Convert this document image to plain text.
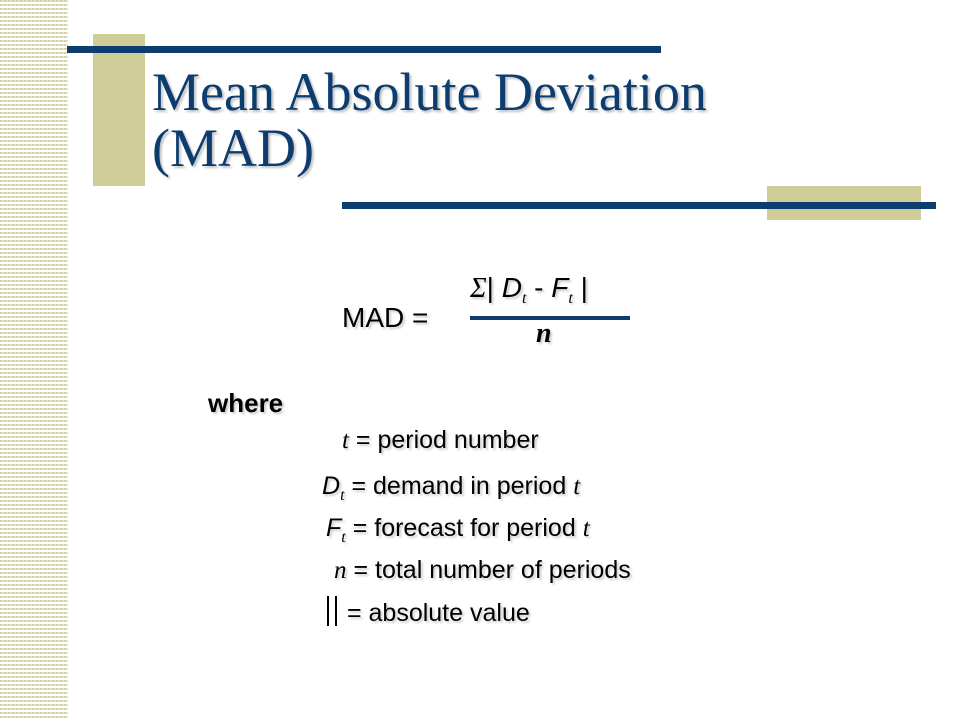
Mean Absolute Deviation
(MAD)
MAD =
Σ| $D_t - F_t$ |
n
where
t = period number
$D_t$ = demand in period t
$F_t$ = forecast for period t
n = total number of periods
= absolute value
